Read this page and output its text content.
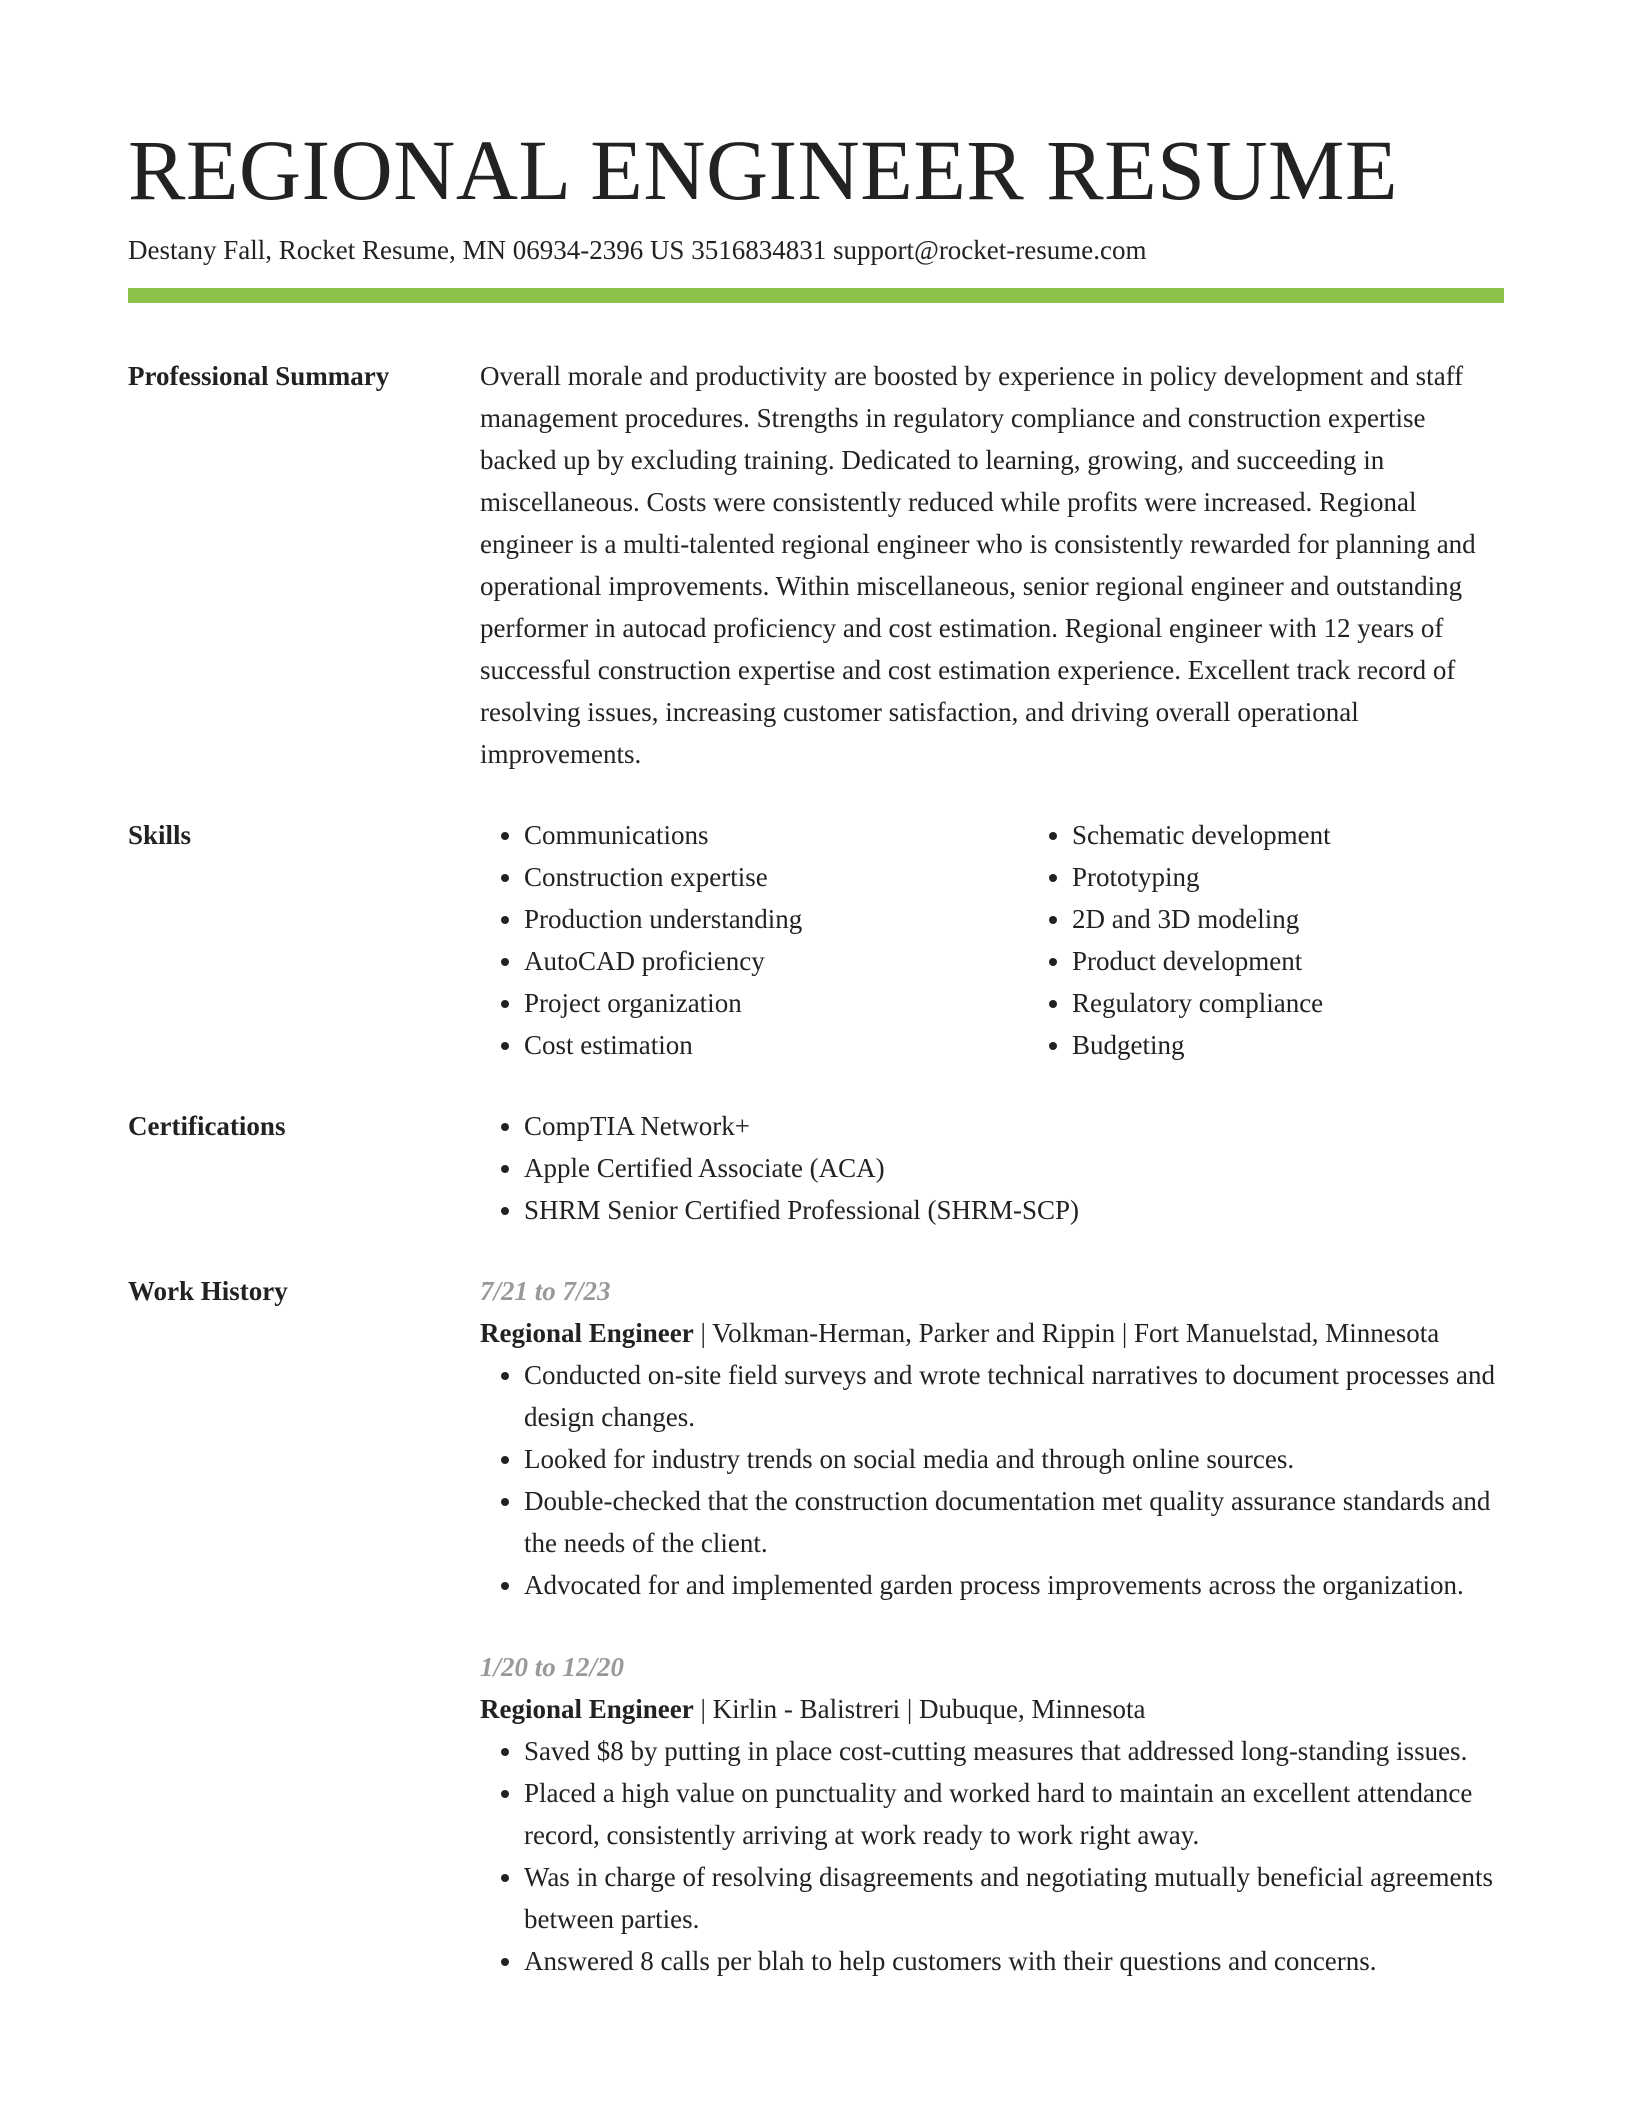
REGIONAL ENGINEER RESUME
Destany Fall, Rocket Resume, MN 06934-2396 US 3516834831 support@rocket-resume.com
Professional Summary	Overall morale and productivity are boosted by experience in policy development and staff management procedures. Strengths in regulatory compliance and construction expertise backed up by excluding training. Dedicated to learning, growing, and succeeding in miscellaneous. Costs were consistently reduced while profits were increased. Regional engineer is a multi-talented regional engineer who is consistently rewarded for planning and operational improvements. Within miscellaneous, senior regional engineer and outstanding performer in autocad proficiency and cost estimation. Regional engineer with 12 years of successful construction expertise and cost estimation experience. Excellent track record of resolving issues, increasing customer satisfaction, and driving overall operational improvements.

Skills	• Communications
• Construction expertise
• Production understanding
• AutoCAD proficiency
• Project organization
• Cost estimation
• Schematic development
• Prototyping
• 2D and 3D modeling
• Product development
• Regulatory compliance
• Budgeting
Certifications	• CompTIA Network+
• Apple Certified Associate (ACA)
• SHRM Senior Certified Professional (SHRM-SCP)
Work History	7/21 to 7/23
Regional Engineer | Volkman-Herman, Parker and Rippin | Fort Manuelstad, Minnesota
• Conducted on-site field surveys and wrote technical narratives to document processes and design changes.
• Looked for industry trends on social media and through online sources.
• Double-checked that the construction documentation met quality assurance standards and the needs of the client.
• Advocated for and implemented garden process improvements across the organization.
1/20 to 12/20
Regional Engineer | Kirlin - Balistreri | Dubuque, Minnesota
• Saved $8 by putting in place cost-cutting measures that addressed long-standing issues.
• Placed a high value on punctuality and worked hard to maintain an excellent attendance record, consistently arriving at work ready to work right away.
• Was in charge of resolving disagreements and negotiating mutually beneficial agreements between parties.
• Answered 8 calls per blah to help customers with their questions and concerns.
